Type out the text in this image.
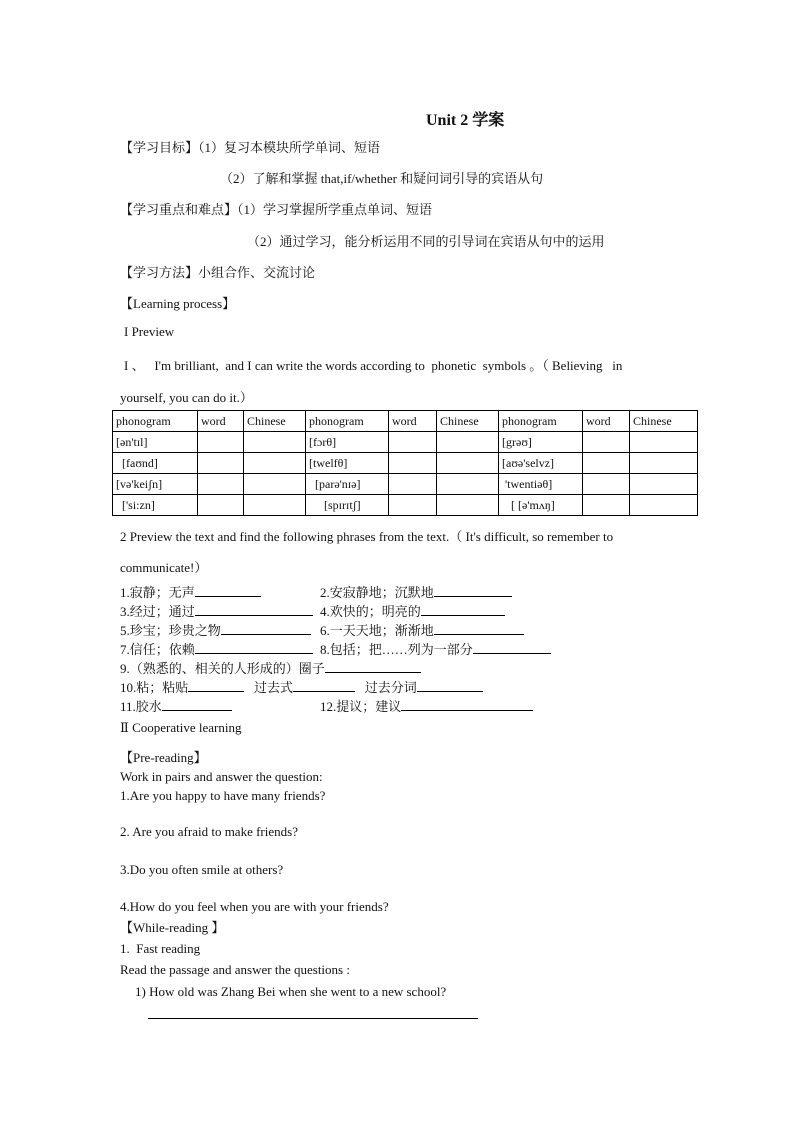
Unit 2 学案
【学习目标】（1）复习本模块所学单词、短语
（2）了解和掌握 that,if/whether 和疑问词引导的宾语从句
【学习重点和难点】（1）学习掌握所学重点单词、短语
（2）通过学习，能分析运用不同的引导词在宾语从句中的运用
【学习方法】小组合作、交流讨论
【Learning process】
I Preview
I 、   I'm brilliant,  and I can write the words according to  phonetic  symbols 。（ Believing   in
yourself, you can do it.）
phonogram	word	Chinese	phonogram	word	Chinese	phonogram	word	Chinese
[ən'tɪl]			[fɔrθ]			[grəʊ]		
[faʊnd]			[twelfθ]			[aʊə'selvz]		
[və'keiʃn]			[parə'nɪə]			'twentiəθ]		
['si:zn]			[spɪrɪtʃ]			[ [ə'mʌŋ]		
2 Preview the text and find the following phrases from the text.（ It's difficult, so remember to
communicate!）
1.寂静；无声	2.安寂静地；沉默地
3.经过；通过	4.欢快的；明亮的
5.珍宝；珍贵之物	6.一天天地；渐渐地
7.信任；依赖	8.包括；把……列为一部分
9.（熟悉的、相关的人形成的）圈子
10.粘；粘贴	过去式	过去分词
11.胶水	12.提议；建议
Ⅱ Cooperative learning
【Pre-reading】
Work in pairs and answer the question:
1.Are you happy to have many friends?
2. Are you afraid to make friends?
3.Do you often smile at others?
4.How do you feel when you are with your friends?
【While-reading 】
1.  Fast reading
Read the passage and answer the questions :
1) How old was Zhang Bei when she went to a new school?
